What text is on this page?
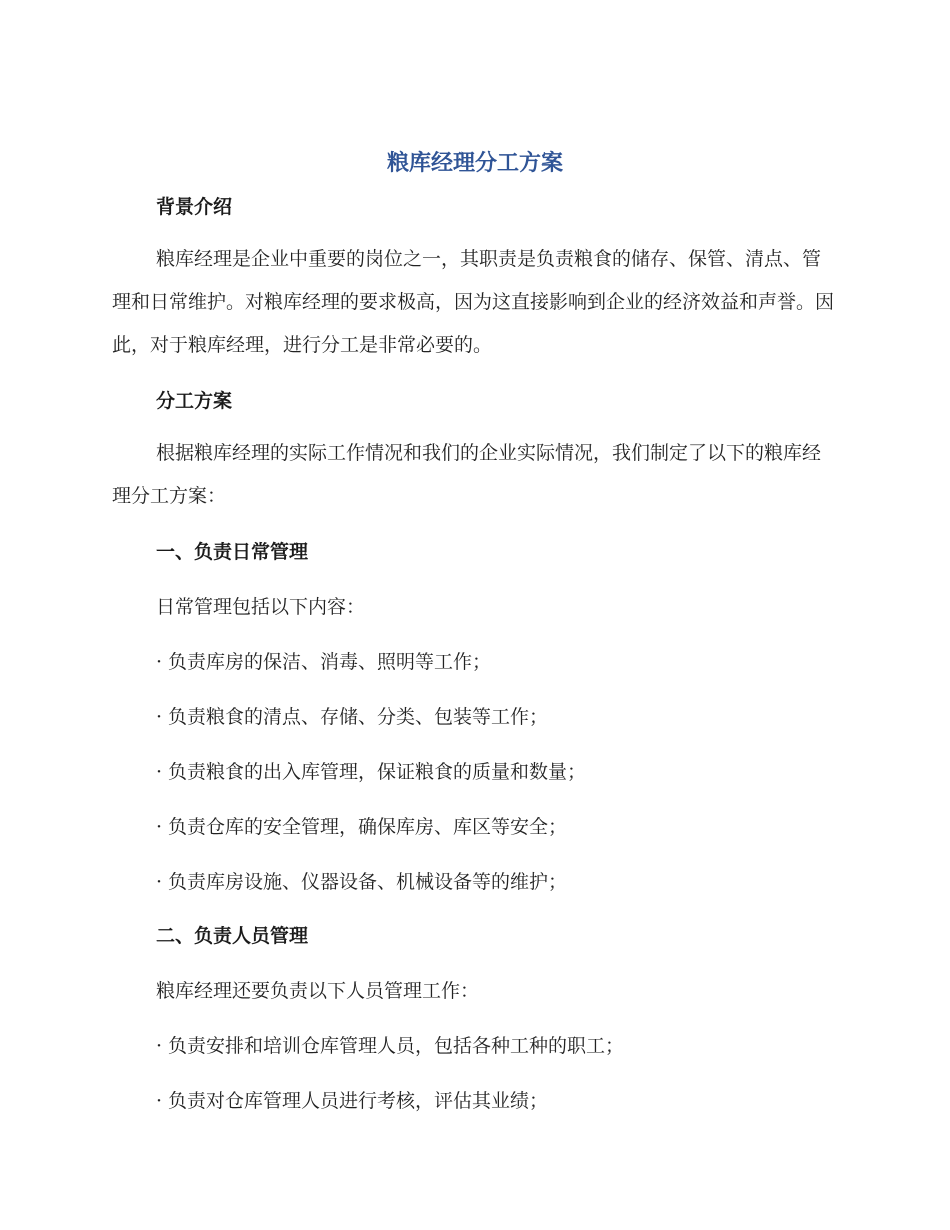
粮库经理分工方案
背景介绍
粮库经理是企业中重要的岗位之一，其职责是负责粮食的储存、保管、清点、管理和日常维护。对粮库经理的要求极高，因为这直接影响到企业的经济效益和声誉。因此，对于粮库经理，进行分工是非常必要的。
分工方案
根据粮库经理的实际工作情况和我们的企业实际情况，我们制定了以下的粮库经理分工方案：
一、负责日常管理
日常管理包括以下内容：
· 负责库房的保洁、消毒、照明等工作；
· 负责粮食的清点、存储、分类、包装等工作；
· 负责粮食的出入库管理，保证粮食的质量和数量；
· 负责仓库的安全管理，确保库房、库区等安全；
· 负责库房设施、仪器设备、机械设备等的维护；
二、负责人员管理
粮库经理还要负责以下人员管理工作：
· 负责安排和培训仓库管理人员，包括各种工种的职工；
· 负责对仓库管理人员进行考核，评估其业绩；
